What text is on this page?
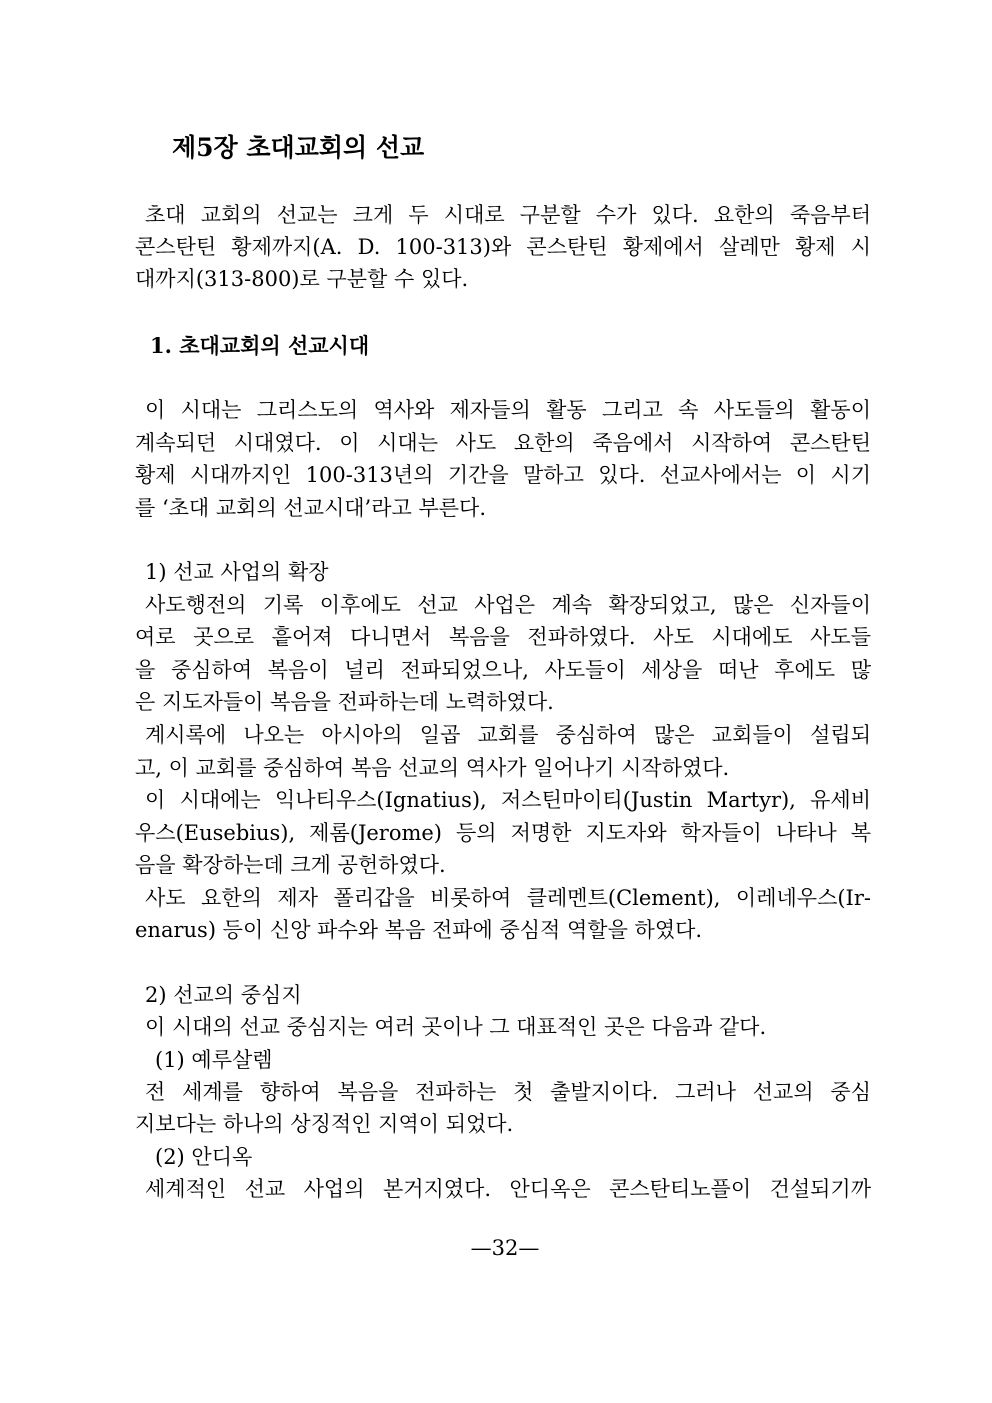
제5장 초대교회의 선교
초대 교회의 선교는 크게 두 시대로 구분할 수가 있다. 요한의 죽음부터
콘스탄틴 황제까지(A. D. 100-313)와 콘스탄틴 황제에서 살레만 황제 시
대까지(313-800)로 구분할 수 있다.
1. 초대교회의 선교시대
이 시대는 그리스도의 역사와 제자들의 활동 그리고 속 사도들의 활동이
계속되던 시대였다. 이 시대는 사도 요한의 죽음에서 시작하여 콘스탄틴
황제 시대까지인 100-313년의 기간을 말하고 있다. 선교사에서는 이 시기
를 ‘초대 교회의 선교시대’라고 부른다.
1) 선교 사업의 확장
사도행전의 기록 이후에도 선교 사업은 계속 확장되었고, 많은 신자들이
여로 곳으로 흩어져 다니면서 복음을 전파하였다. 사도 시대에도 사도들
을 중심하여 복음이 널리 전파되었으나, 사도들이 세상을 떠난 후에도 많
은 지도자들이 복음을 전파하는데 노력하였다.
계시록에 나오는 아시아의 일곱 교회를 중심하여 많은 교회들이 설립되
고, 이 교회를 중심하여 복음 선교의 역사가 일어나기 시작하였다.
이 시대에는 익나티우스(Ignatius), 저스틴마이티(Justin Martyr), 유세비
우스(Eusebius), 제롬(Jerome) 등의 저명한 지도자와 학자들이 나타나 복
음을 확장하는데 크게 공헌하였다.
사도 요한의 제자 폴리갑을 비롯하여 클레멘트(Clement), 이레네우스(Ir-
enarus) 등이 신앙 파수와 복음 전파에 중심적 역할을 하였다.
2) 선교의 중심지
이 시대의 선교 중심지는 여러 곳이나 그 대표적인 곳은 다음과 같다.
(1) 예루살렘
전 세계를 향하여 복음을 전파하는 첫 출발지이다. 그러나 선교의 중심
지보다는 하나의 상징적인 지역이 되었다.
(2) 안디옥
세계적인 선교 사업의 본거지였다. 안디옥은 콘스탄티노플이 건설되기까
—32—
